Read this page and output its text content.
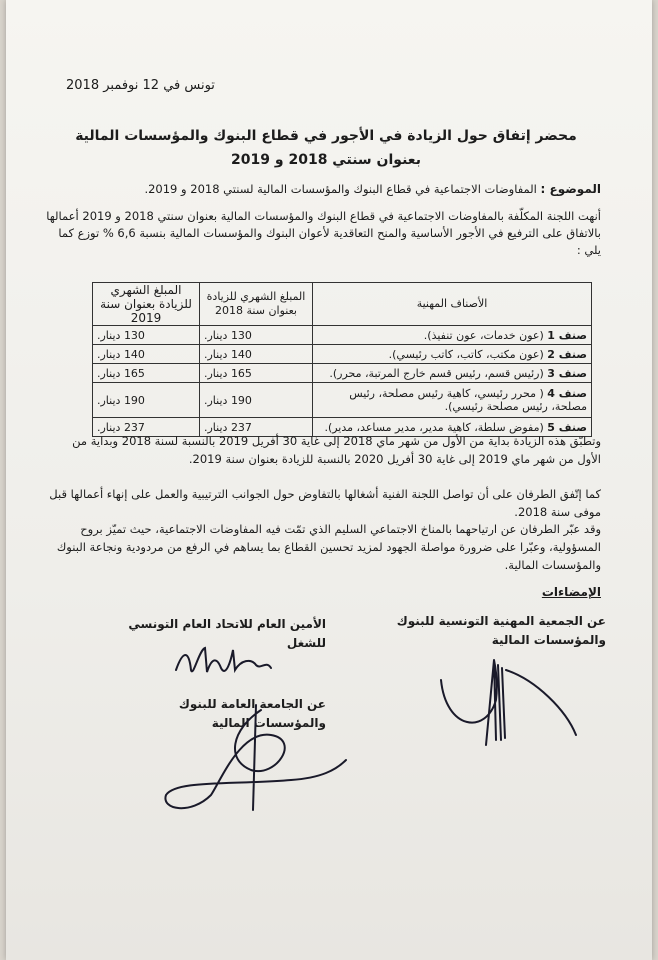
تونس في 12 نوفمبر 2018
محضر إتفاق حول الزيادة في الأجور في قطاع البنوك والمؤسسات المالية
بعنوان سنتي 2018 و 2019
الموضوع : المفاوضات الاجتماعية في قطاع البنوك والمؤسسات المالية لسنتي 2018 و 2019.
أنهت اللجنة المكلّفة بالمفاوضات الاجتماعية في قطاع البنوك والمؤسسات المالية بعنوان سنتي 2018 و 2019 أعمالها بالاتفاق على الترفيع في الأجور الأساسية والمنح التعاقدية لأعوان البنوك والمؤسسات المالية بنسبة 6,6 % توزع كما يلي :
الأصناف المهنية	المبلغ الشهري للزيادة بعنوان سنة 2018	المبلغ الشهري للزيادة بعنوان سنة 2019
صنف 1 (عون خدمات، عون تنفيذ).	130 دينار.	130 دينار.
صنف 2 (عون مكتب، كاتب، كاتب رئيسي).	140 دينار.	140 دينار.
صنف 3 (رئيس قسم، رئيس قسم خارج المرتبة، محرر).	165 دينار.	165 دينار.
صنف 4 ( محرر رئيسي، كاهية رئيس مصلحة، رئيس مصلحة، رئيس مصلحة رئيسي).	190 دينار.	190 دينار.
صنف 5 (مفوض سلطة، كاهية مدير، مدير مساعد، مدير).	237 دينار.	237 دينار.
وتطبّق هذه الزيادة بداية من الأول من شهر ماي 2018 إلى غاية 30 أفريل 2019 بالنسبة لسنة 2018 وبداية من الأول من شهر ماي 2019 إلى غاية 30 أفريل 2020 بالنسبة للزيادة بعنوان سنة 2019.
كما إتّفق الطرفان على أن تواصل اللجنة الفنية أشغالها بالتفاوض حول الجوانب الترتيبية والعمل على إنهاء أعمالها قبل موفى سنة 2018.
وقد عبّر الطرفان عن ارتياحهما بالمناخ الاجتماعي السليم الذي تمّت فيه المفاوضات الاجتماعية، حيث تميّز بروح المسؤولية، وعبّرا على ضرورة مواصلة الجهود لمزيد تحسين القطاع بما يساهم في الرفع من مردودية ونجاعة البنوك والمؤسسات المالية.
الإمضاءات
عن الجمعية المهنية التونسية للبنوك
والمؤسسات المالية
الأمين العام للاتحاد العام التونسي للشغل
عن الجامعة العامة للبنوك
والمؤسسات المالية
